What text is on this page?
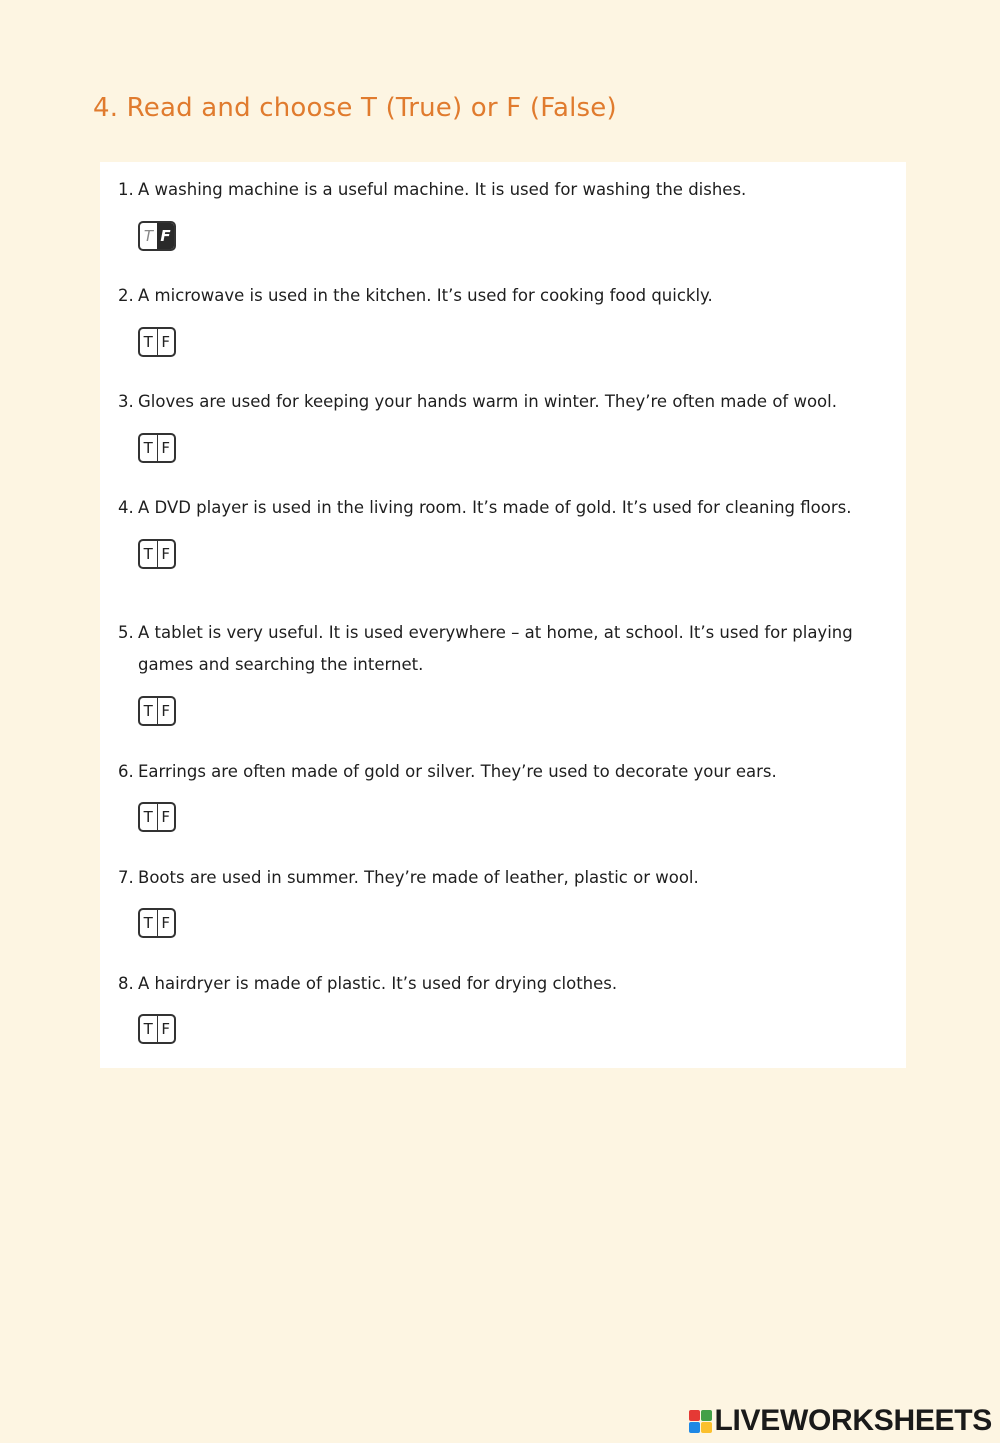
4. Read and choose T (True) or F (False)
1. A washing machine is a useful machine. It is used for washing the dishes.
T F
2. A microwave is used in the kitchen. It’s used for cooking food quickly.
T F
3. Gloves are used for keeping your hands warm in winter. They’re often made of wool.
T F
4. A DVD player is used in the living room. It’s made of gold. It’s used for cleaning floors.
T F
5. A tablet is very useful. It is used everywhere – at home, at school. It’s used for playing
games and searching the internet.
T F
6. Earrings are often made of gold or silver. They’re used to decorate your ears.
T F
7. Boots are used in summer. They’re made of leather, plastic or wool.
T F
8. A hairdryer is made of plastic. It’s used for drying clothes.
T F
LIVEWORKSHEETS
